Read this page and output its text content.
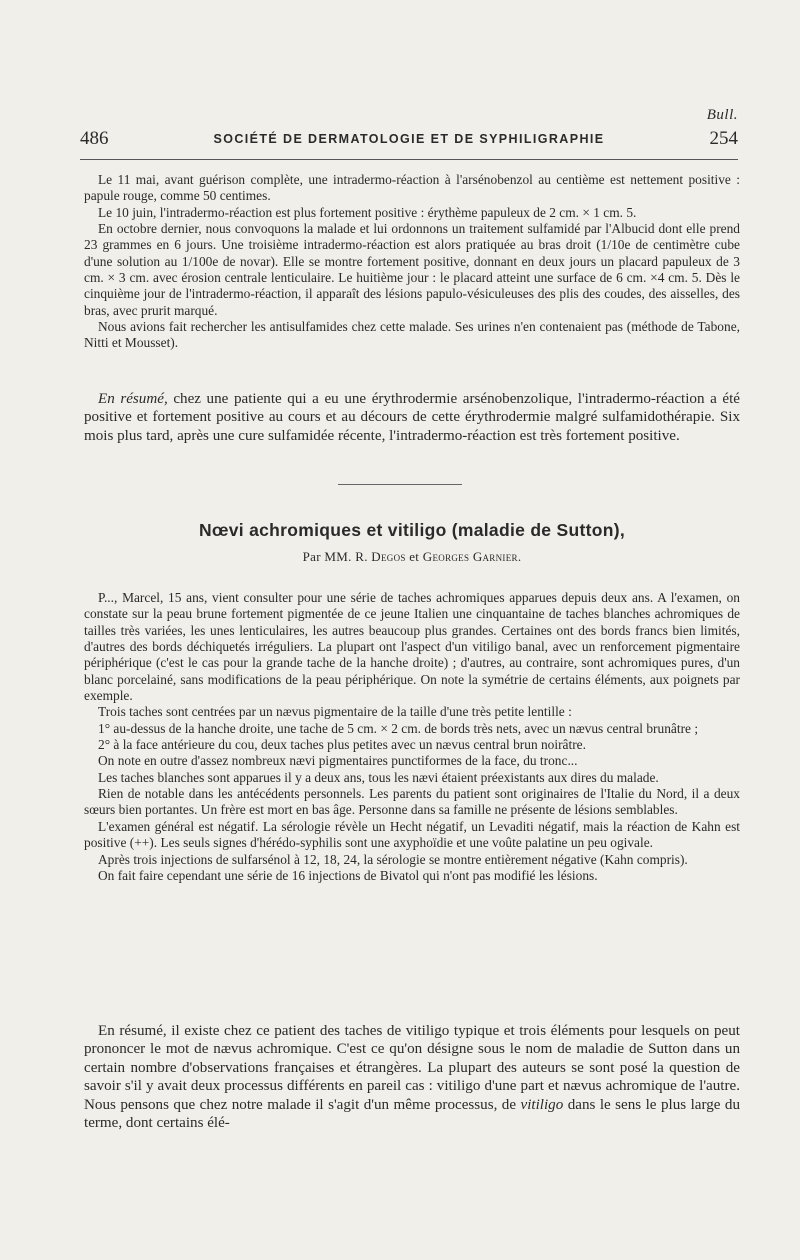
Bull.
486	SOCIÉTÉ DE DERMATOLOGIE ET DE SYPHILIGRAPHIE	254

Le 11 mai, avant guérison complète, une intradermo-réaction à l'arsénobenzol au centième est nettement positive : papule rouge, comme 50 centimes.

Le 10 juin, l'intradermo-réaction est plus fortement positive : érythème papuleux de 2 cm. × 1 cm. 5.

En octobre dernier, nous convoquons la malade et lui ordonnons un traitement sulfamidé par l'Albucid dont elle prend 23 grammes en 6 jours. Une troisième intradermo-réaction est alors pratiquée au bras droit (1/10e de centimètre cube d'une solution au 1/100e de novar). Elle se montre fortement positive, donnant en deux jours un placard papuleux de 3 cm. × 3 cm. avec érosion centrale lenticulaire. Le huitième jour : le placard atteint une surface de 6 cm. ×4 cm. 5. Dès le cinquième jour de l'intradermo-réaction, il apparaît des lésions papulo-vésiculeuses des plis des coudes, des aisselles, des bras, avec prurit marqué.

Nous avions fait rechercher les antisulfamides chez cette malade. Ses urines n'en contenaient pas (méthode de Tabone, Nitti et Mousset).

En résumé, chez une patiente qui a eu une érythrodermie arsénobenzolique, l'intradermo-réaction a été positive et fortement positive au cours et au décours de cette érythrodermie malgré sulfamidothérapie. Six mois plus tard, après une cure sulfamidée récente, l'intradermo-réaction est très fortement positive.

Nœvi achromiques et vitiligo (maladie de Sutton),
Par MM. R. Degos et Georges Garnier.

P..., Marcel, 15 ans, vient consulter pour une série de taches achromiques apparues depuis deux ans. A l'examen, on constate sur la peau brune fortement pigmentée de ce jeune Italien une cinquantaine de taches blanches achromiques de tailles très variées, les unes lenticulaires, les autres beaucoup plus grandes. Certaines ont des bords francs bien limités, d'autres des bords déchiquetés irréguliers. La plupart ont l'aspect d'un vitiligo banal, avec un renforcement pigmentaire périphérique (c'est le cas pour la grande tache de la hanche droite) ; d'autres, au contraire, sont achromiques pures, d'un blanc porcelainé, sans modifications de la peau périphérique. On note la symétrie de certains éléments, aux poignets par exemple.

Trois taches sont centrées par un nævus pigmentaire de la taille d'une très petite lentille :

1° au-dessus de la hanche droite, une tache de 5 cm. × 2 cm. de bords très nets, avec un nævus central brunâtre ;

2° à la face antérieure du cou, deux taches plus petites avec un nævus central brun noirâtre.

On note en outre d'assez nombreux nævi pigmentaires punctiformes de la face, du tronc...

Les taches blanches sont apparues il y a deux ans, tous les nævi étaient préexistants aux dires du malade.

Rien de notable dans les antécédents personnels. Les parents du patient sont originaires de l'Italie du Nord, il a deux sœurs bien portantes. Un frère est mort en bas âge. Personne dans sa famille ne présente de lésions semblables.

L'examen général est négatif. La sérologie révèle un Hecht négatif, un Levaditi négatif, mais la réaction de Kahn est positive (++). Les seuls signes d'hérédo-syphilis sont une axyphoïdie et une voûte palatine un peu ogivale.

Après trois injections de sulfarsénol à 12, 18, 24, la sérologie se montre entièrement négative (Kahn compris).

On fait faire cependant une série de 16 injections de Bivatol qui n'ont pas modifié les lésions.

En résumé, il existe chez ce patient des taches de vitiligo typique et trois éléments pour lesquels on peut prononcer le mot de nævus achromique. C'est ce qu'on désigne sous le nom de maladie de Sutton dans un certain nombre d'observations françaises et étrangères. La plupart des auteurs se sont posé la question de savoir s'il y avait deux processus différents en pareil cas : vitiligo d'une part et nævus achromique de l'autre. Nous pensons que chez notre malade il s'agit d'un même processus, de vitiligo dans le sens le plus large du terme, dont certains élé-
